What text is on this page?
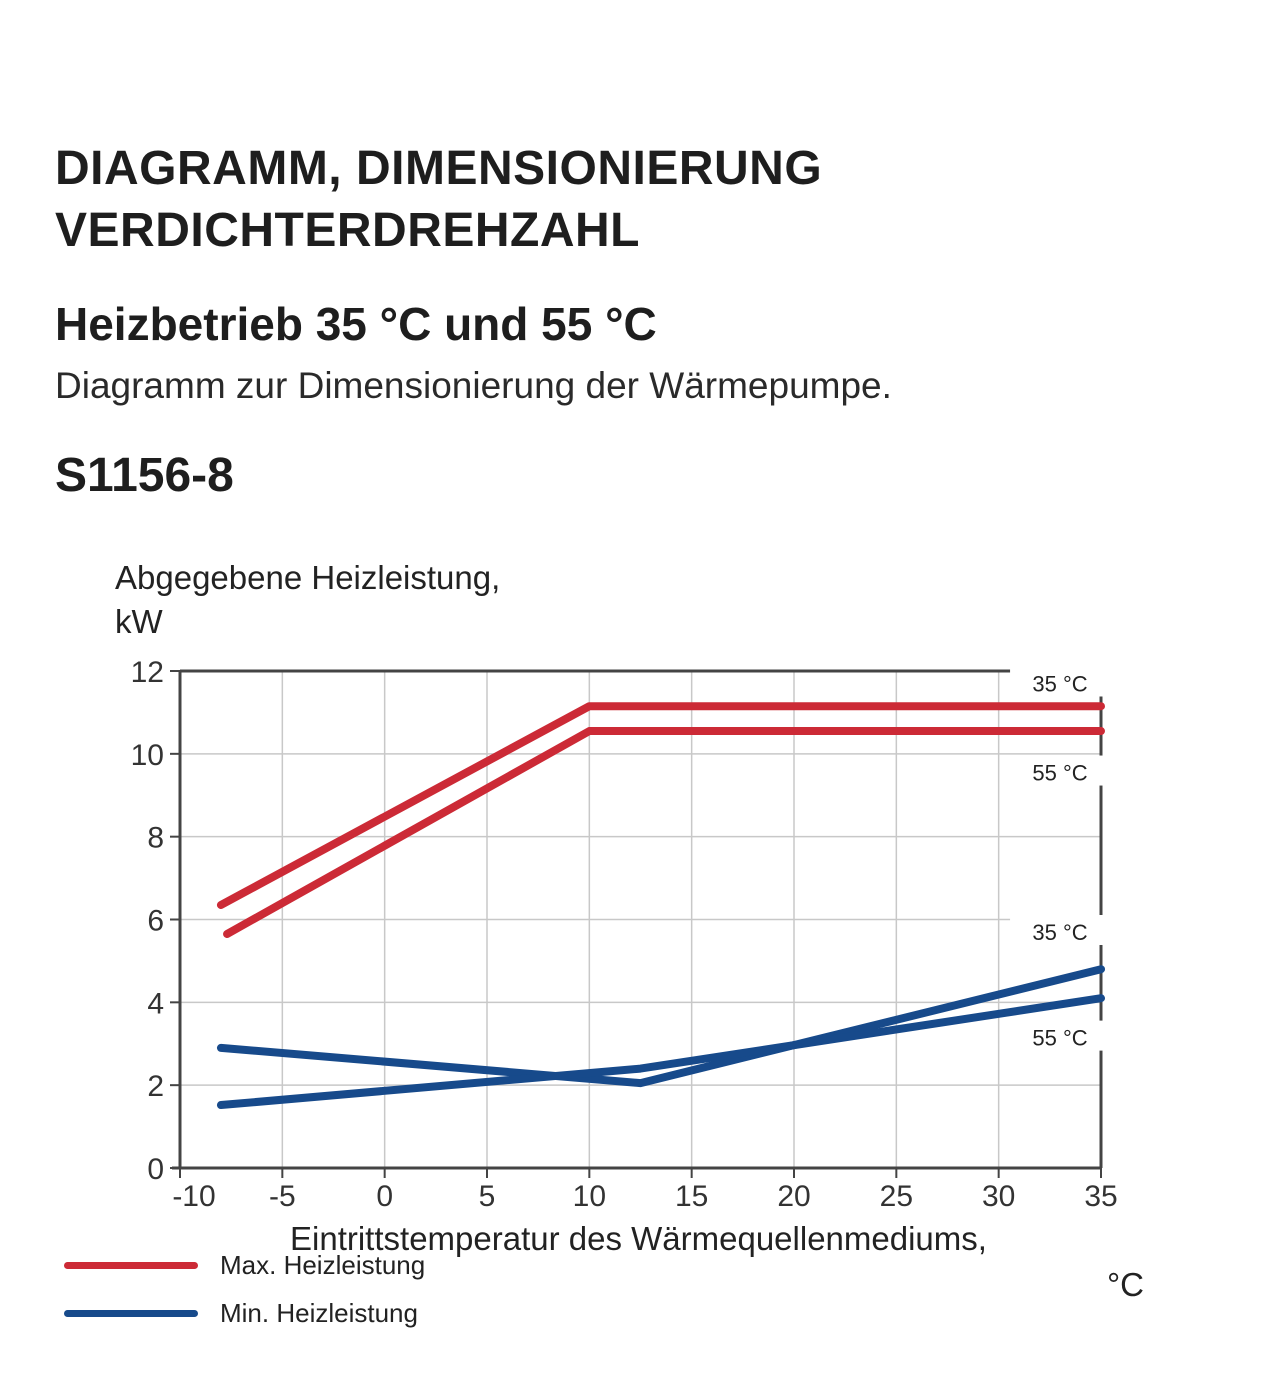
DIAGRAMM, DIMENSIONIERUNG
VERDICHTERDREHZAHL
Heizbetrieb 35 °C und 55 °C

Diagramm zur Dimensionierung der Wärmepumpe.

S1156-8
Abgegebene Heizleistung,
kW
0
2
4
6
8
10
12
-10 -5	0	5	10 15 20 25 30 35
35 °C
55 °C
35 °C
55 °C
Eintrittstemperatur des Wärmequellenmediums,
°C
Max. Heizleistung
Min. Heizleistung
